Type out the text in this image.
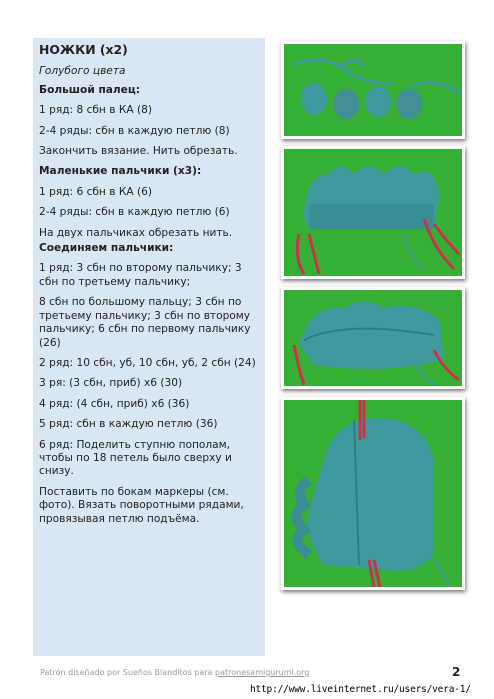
НОЖКИ (х2)

Голубого цвета

Большой палец:

1 ряд: 8 сбн в КА (8)

2-4 ряды: сбн в каждую петлю (8)

Закончить вязание. Нить обрезать.

Маленькие пальчики (х3):

1 ряд: 6 сбн в КА (6)

2-4 ряды: сбн в каждую петлю (6)

На двух пальчиках обрезать нить.

Соединяем пальчики:

1 ряд: 3 сбн по второму пальчику; 3 сбн по третьему пальчику;

8 сбн по большому пальцу; 3 сбн по третьему пальчику; 3 сбн по второму пальчику; 6 сбн по первому пальчику (26)

2 ряд: 10 сбн, уб, 10 сбн, уб, 2 сбн (24)

3 ря: (3 сбн, приб) х6 (30)

4 ряд: (4 сбн, приб) х6 (36)

5 ряд: сбн в каждую петлю (36)

6 ряд: Поделить ступню пополам, чтобы по 18 петель было сверху и снизу.

Поставить по бокам маркеры (см. фото). Вязать поворотными рядами, провязывая петлю подъёма.

Patrón diseñado por Sueños Blanditos para patronesamigurumi.org	2
http://www.liveinternet.ru/users/vera-1/
